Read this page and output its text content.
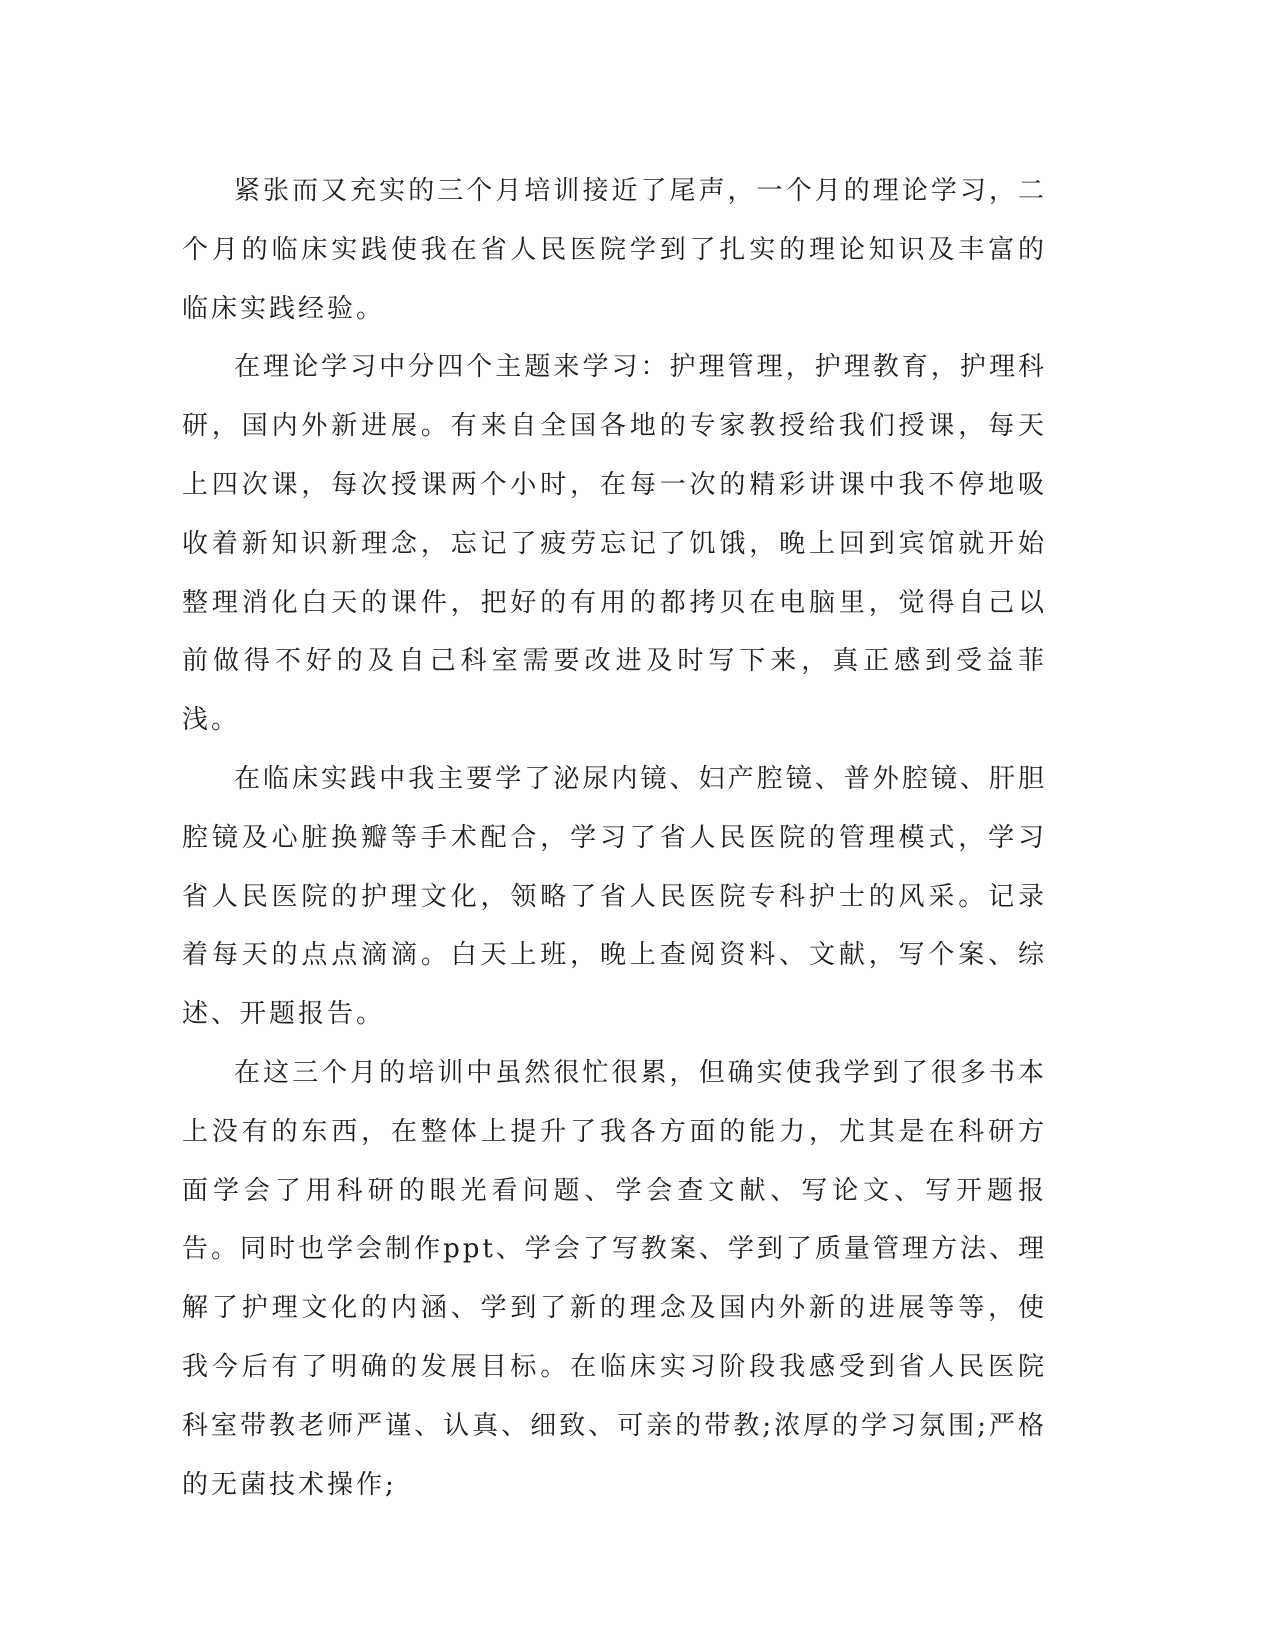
紧张而又充实的三个月培训接近了尾声，一个月的理论学习，二个月的临床实践使我在省人民医院学到了扎实的理论知识及丰富的临床实践经验。

在理论学习中分四个主题来学习：护理管理，护理教育，护理科研，国内外新进展。有来自全国各地的专家教授给我们授课，每天上四次课，每次授课两个小时，在每一次的精彩讲课中我不停地吸收着新知识新理念，忘记了疲劳忘记了饥饿，晚上回到宾馆就开始整理消化白天的课件，把好的有用的都拷贝在电脑里，觉得自己以前做得不好的及自己科室需要改进及时写下来，真正感到受益菲浅。

在临床实践中我主要学了泌尿内镜、妇产腔镜、普外腔镜、肝胆腔镜及心脏换瓣等手术配合，学习了省人民医院的管理模式，学习省人民医院的护理文化，领略了省人民医院专科护士的风采。记录着每天的点点滴滴。白天上班，晚上查阅资料、文献，写个案、综述、开题报告。

在这三个月的培训中虽然很忙很累，但确实使我学到了很多书本上没有的东西，在整体上提升了我各方面的能力，尤其是在科研方面学会了用科研的眼光看问题、学会查文献、写论文、写开题报告。同时也学会制作ppt、学会了写教案、学到了质量管理方法、理解了护理文化的内涵、学到了新的理念及国内外新的进展等等，使我今后有了明确的发展目标。在临床实习阶段我感受到省人民医院科室带教老师严谨、认真、细致、可亲的带教;浓厚的学习氛围;严格的无菌技术操作;
